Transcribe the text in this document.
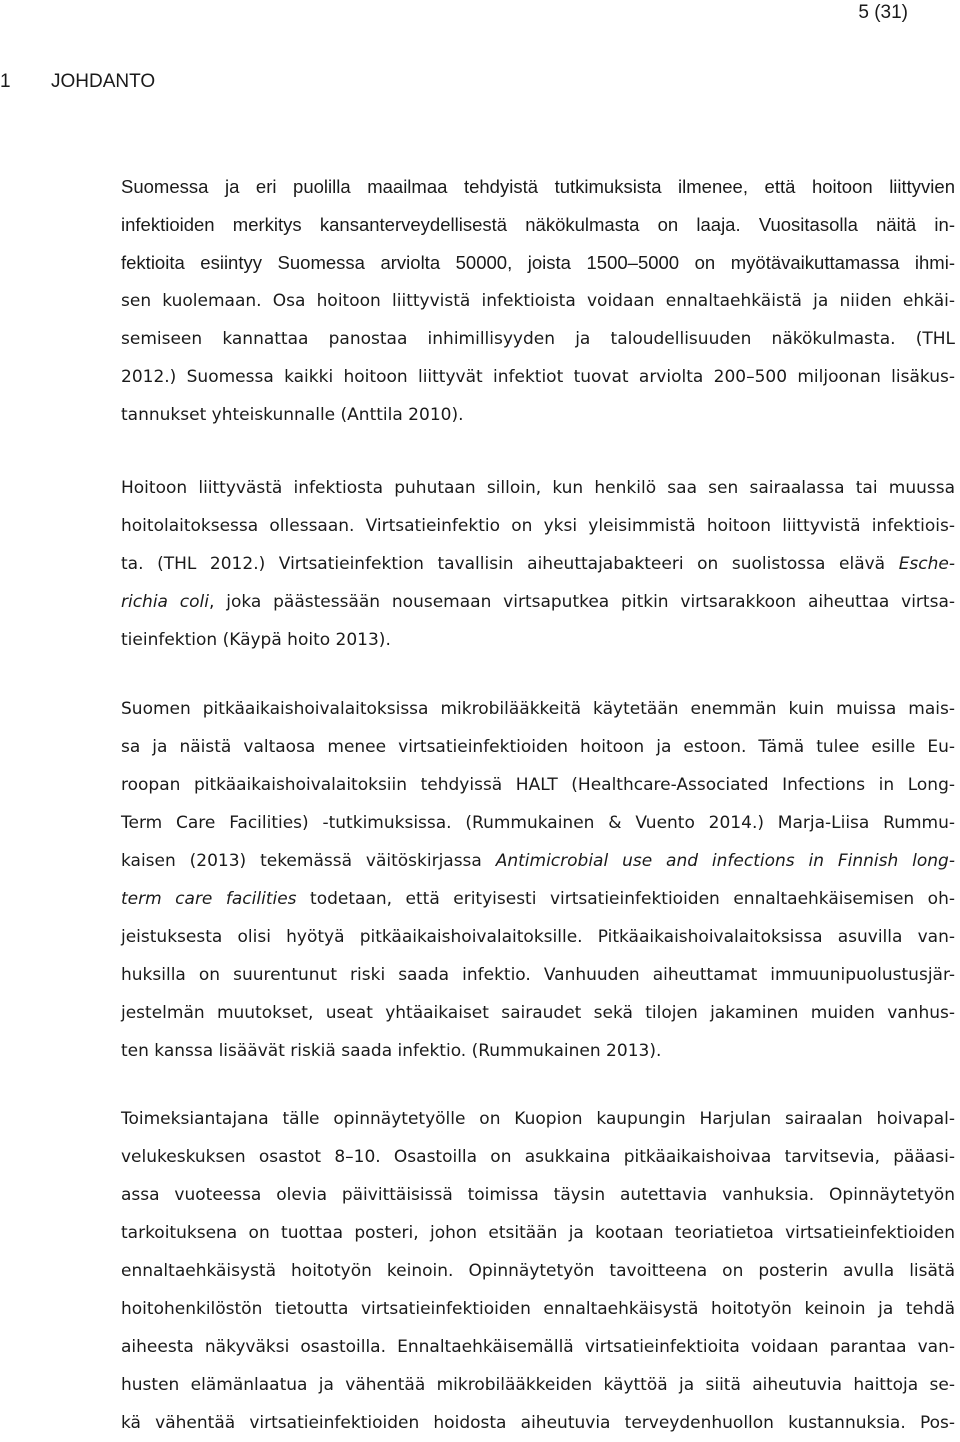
5 (31)
1 JOHDANTO
Suomessa ja eri puolilla maailmaa tehdyistä tutkimuksista ilmenee, että hoitoon liittyvien
infektioiden merkitys kansanterveydellisestä näkökulmasta on laaja. Vuositasolla näitä in-
fektioita esiintyy Suomessa arviolta 50000, joista 1500–5000 on myötävaikuttamassa ihmi-
sen kuolemaan. Osa hoitoon liittyvistä infektioista voidaan ennaltaehkäistä ja niiden ehkäi-
semiseen kannattaa panostaa inhimillisyyden ja taloudellisuuden näkökulmasta. (THL
2012.) Suomessa kaikki hoitoon liittyvät infektiot tuovat arviolta 200–500 miljoonan lisäkus-
tannukset yhteiskunnalle (Anttila 2010).
Hoitoon liittyvästä infektiosta puhutaan silloin, kun henkilö saa sen sairaalassa tai muussa
hoitolaitoksessa ollessaan. Virtsatieinfektio on yksi yleisimmistä hoitoon liittyvistä infektiois-
ta. (THL 2012.) Virtsatieinfektion tavallisin aiheuttajabakteeri on suolistossa elävä Esche-
richia coli, joka päästessään nousemaan virtsaputkea pitkin virtsarakkoon aiheuttaa virtsa-
tieinfektion (Käypä hoito 2013).
Suomen pitkäaikaishoivalaitoksissa mikrobilääkkeitä käytetään enemmän kuin muissa mais-
sa ja näistä valtaosa menee virtsatieinfektioiden hoitoon ja estoon. Tämä tulee esille Eu-
roopan pitkäaikaishoivalaitoksiin tehdyissä HALT (Healthcare-Associated Infections in Long-
Term Care Facilities) -tutkimuksissa. (Rummukainen & Vuento 2014.) Marja-Liisa Rummu-
kaisen (2013) tekemässä väitöskirjassa Antimicrobial use and infections in Finnish long-
term care facilities todetaan, että erityisesti virtsatieinfektioiden ennaltaehkäisemisen oh-
jeistuksesta olisi hyötyä pitkäaikaishoivalaitoksille. Pitkäaikaishoivalaitoksissa asuvilla van-
huksilla on suurentunut riski saada infektio. Vanhuuden aiheuttamat immuunipuolustusjär-
jestelmän muutokset, useat yhtäaikaiset sairaudet sekä tilojen jakaminen muiden vanhus-
ten kanssa lisäävät riskiä saada infektio. (Rummukainen 2013).
Toimeksiantajana tälle opinnäytetyölle on Kuopion kaupungin Harjulan sairaalan hoivapal-
velukeskuksen osastot 8–10. Osastoilla on asukkaina pitkäaikaishoivaa tarvitsevia, pääasi-
assa vuoteessa olevia päivittäisissä toimissa täysin autettavia vanhuksia. Opinnäytetyön
tarkoituksena on tuottaa posteri, johon etsitään ja kootaan teoriatietoa virtsatieinfektioiden
ennaltaehkäisystä hoitotyön keinoin. Opinnäytetyön tavoitteena on posterin avulla lisätä
hoitohenkilöstön tietoutta virtsatieinfektioiden ennaltaehkäisystä hoitotyön keinoin ja tehdä
aiheesta näkyväksi osastoilla. Ennaltaehkäisemällä virtsatieinfektioita voidaan parantaa van-
husten elämänlaatua ja vähentää mikrobilääkkeiden käyttöä ja siitä aiheutuvia haittoja se-
kä vähentää virtsatieinfektioiden hoidosta aiheutuvia terveydenhuollon kustannuksia. Pos-
